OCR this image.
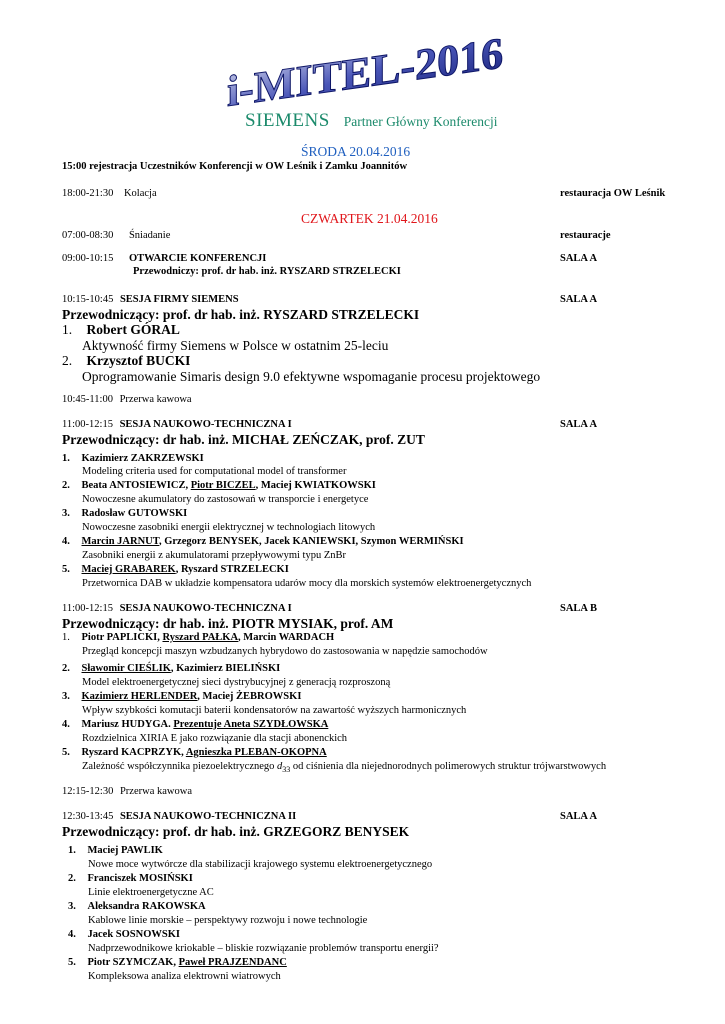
i-MITEL-2016
SIEMENS Partner Główny Konferencji
ŚRODA 20.04.2016
15:00 rejestracja Uczestników Konferencji w OW Leśnik i Zamku Joannitów
18:00-21:30 Kolacja	restauracja OW Leśnik
CZWARTEK 21.04.2016
07:00-08:30 Śniadanie	restauracje
09:00-10:15 OTWARCIE KONFERENCJI	SALA A
Przewodniczy: prof. dr hab. inż. RYSZARD STRZELECKI
10:15-10:45 SESJA FIRMY SIEMENS	SALA A
Przewodniczący: prof. dr hab. inż. RYSZARD STRZELECKI
1. Robert GÓRAL
Aktywność firmy Siemens w Polsce w ostatnim 25-leciu
2. Krzysztof BUCKI
Oprogramowanie Simaris design 9.0 efektywne wspomaganie procesu projektowego
10:45-11:00 Przerwa kawowa
11:00-12:15 SESJA NAUKOWO-TECHNICZNA I	SALA A
Przewodniczący: dr hab. inż. MICHAŁ ZEŃCZAK, prof. ZUT
1. Kazimierz ZAKRZEWSKI
Modeling criteria used for computational model of transformer
2. Beata ANTOSIEWICZ, Piotr BICZEL, Maciej KWIATKOWSKI
Nowoczesne akumulatory do zastosowań w transporcie i energetyce
3. Radosław GUTOWSKI
Nowoczesne zasobniki energii elektrycznej w technologiach litowych
4. Marcin JARNUT, Grzegorz BENYSEK, Jacek KANIEWSKI, Szymon WERMIŃSKI
Zasobniki energii z akumulatorami przepływowymi typu ZnBr
5. Maciej GRABAREK, Ryszard STRZELECKI
Przetwornica DAB w układzie kompensatora udarów mocy dla morskich systemów elektroenergetycznych
11:00-12:15 SESJA NAUKOWO-TECHNICZNA I	SALA B
Przewodniczący: dr hab. inż. PIOTR MYSIAK, prof. AM
1. Piotr PAPLICKI, Ryszard PAŁKA, Marcin WARDACH
Przegląd koncepcji maszyn wzbudzanych hybrydowo do zastosowania w napędzie samochodów
2. Sławomir CIEŚLIK, Kazimierz BIELIŃSKI
Model elektroenergetycznej sieci dystrybucyjnej z generacją rozproszoną
3. Kazimierz HERLENDER, Maciej ŻEBROWSKI
Wpływ szybkości komutacji baterii kondensatorów na zawartość wyższych harmonicznych
4. Mariusz HUDYGA. Prezentuje Aneta SZYDŁOWSKA
Rozdzielnica XIRIA E jako rozwiązanie dla stacji abonenckich
5. Ryszard KACPRZYK, Agnieszka PLEBAN-OKOPNA
Zależność współczynnika piezoelektrycznego $d_{33}$ od ciśnienia dla niejednorodnych polimerowych struktur trójwarstwowych
12:15-12:30 Przerwa kawowa
12:30-13:45 SESJA NAUKOWO-TECHNICZNA II	SALA A
Przewodniczący: prof. dr hab. inż. GRZEGORZ BENYSEK
1. Maciej PAWLIK
Nowe moce wytwórcze dla stabilizacji krajowego systemu elektroenergetycznego
2. Franciszek MOSIŃSKI
Linie elektroenergetyczne AC
3. Aleksandra RAKOWSKA
Kablowe linie morskie – perspektywy rozwoju i nowe technologie
4. Jacek SOSNOWSKI
Nadprzewodnikowe kriokable – bliskie rozwiązanie problemów transportu energii?
5. Piotr SZYMCZAK, Paweł PRAJZENDANC
Kompleksowa analiza elektrowni wiatrowych
